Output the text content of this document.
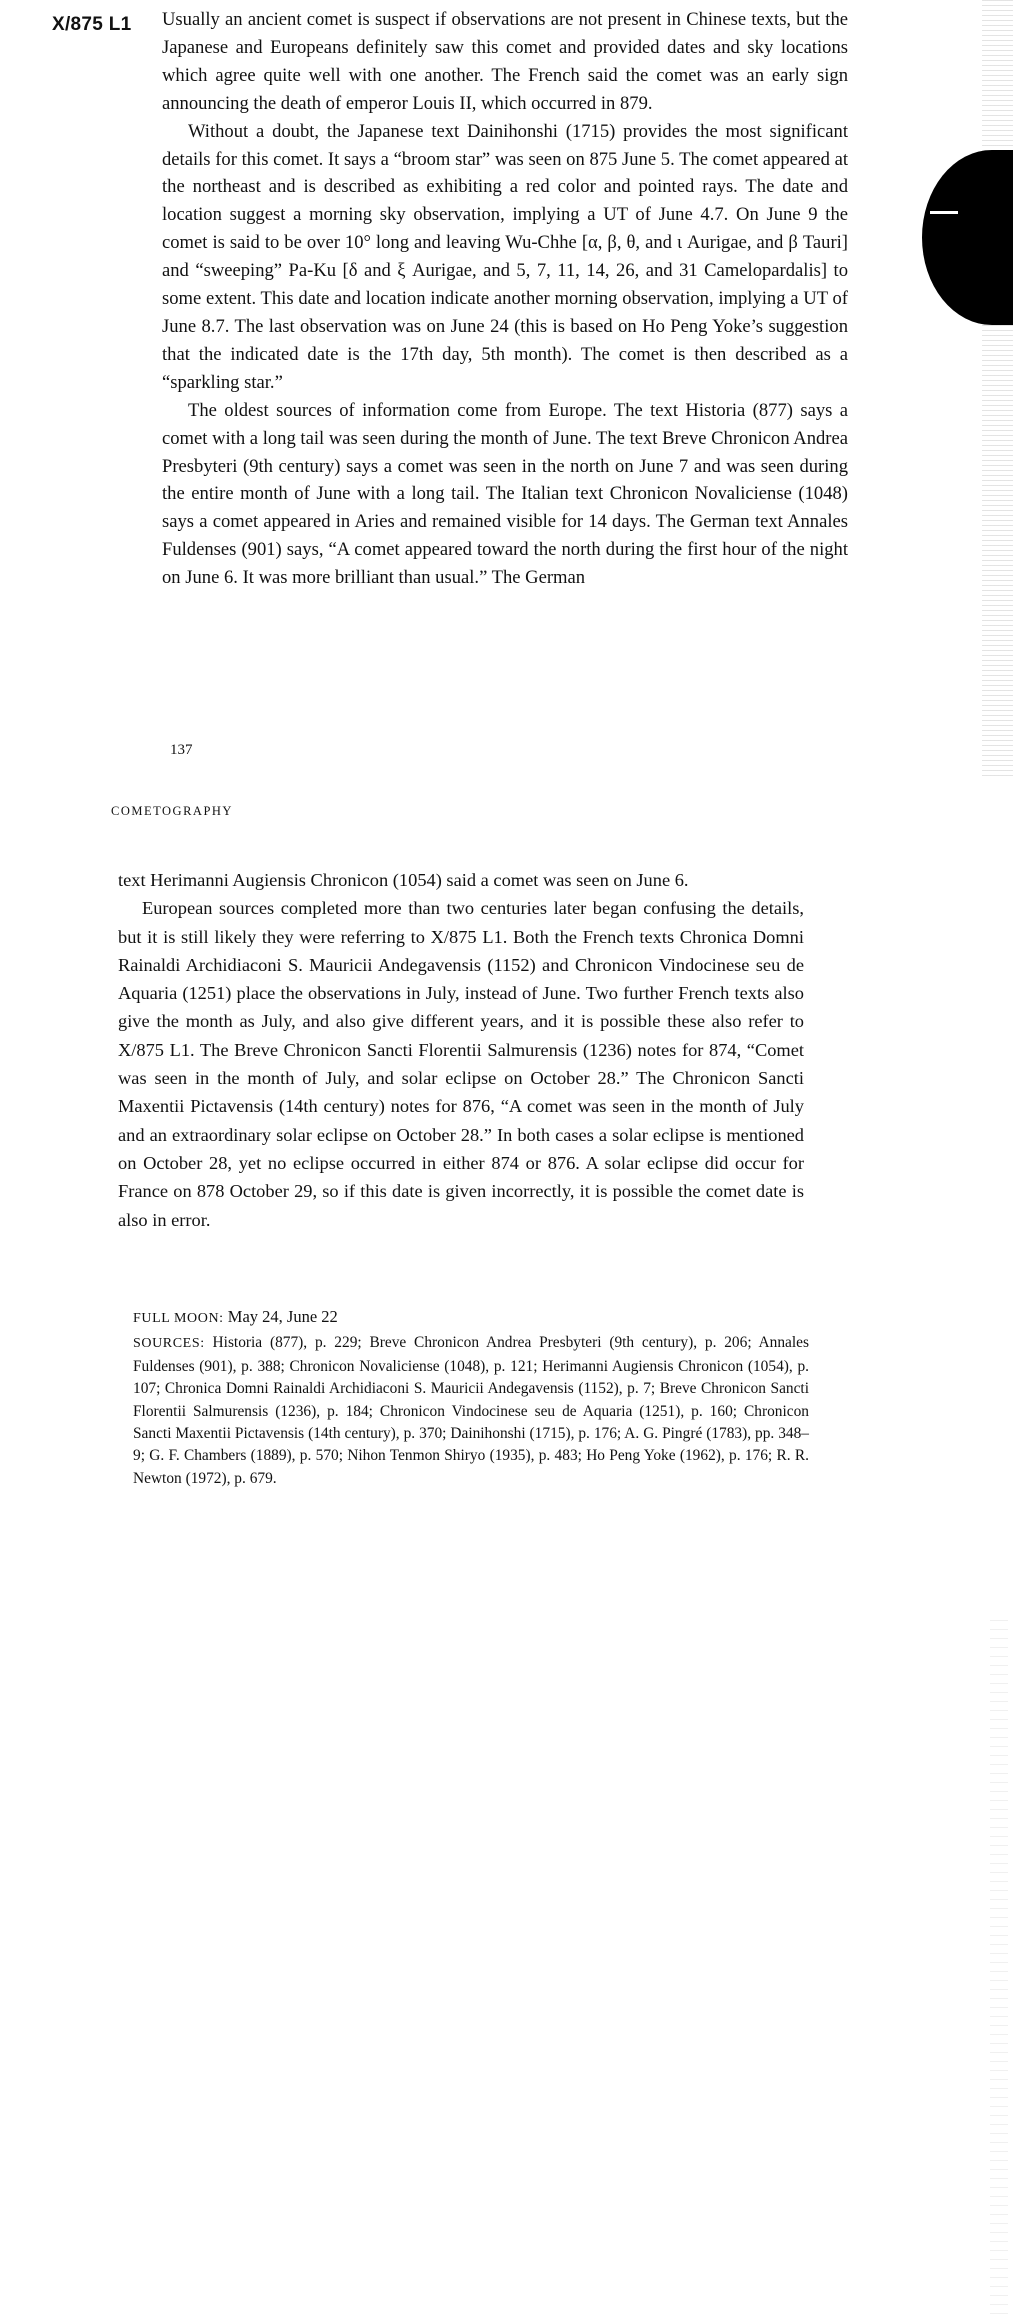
X/875 L1 Usually an ancient comet is suspect if observations are not present in Chinese texts, but the Japanese and Europeans definitely saw this comet and provided dates and sky locations which agree quite well with one another. The French said the comet was an early sign announcing the death of emperor Louis II, which occurred in 879.

Without a doubt, the Japanese text Dainihonshi (1715) provides the most significant details for this comet. It says a “broom star” was seen on 875 June 5. The comet appeared at the northeast and is described as exhibiting a red color and pointed rays. The date and location suggest a morning sky observation, implying a UT of June 4.7. On June 9 the comet is said to be over 10° long and leaving Wu-Chhe [α, β, θ, and ι Aurigae, and β Tauri] and “sweeping” Pa-Ku [δ and ξ Aurigae, and 5, 7, 11, 14, 26, and 31 Camelopardalis] to some extent. This date and location indicate another morning observation, implying a UT of June 8.7. The last observation was on June 24 (this is based on Ho Peng Yoke’s suggestion that the indicated date is the 17th day, 5th month). The comet is then described as a “sparkling star.”

The oldest sources of information come from Europe. The text Historia (877) says a comet with a long tail was seen during the month of June. The text Breve Chronicon Andrea Presbyteri (9th century) says a comet was seen in the north on June 7 and was seen during the entire month of June with a long tail. The Italian text Chronicon Novaliciense (1048) says a comet appeared in Aries and remained visible for 14 days. The German text Annales Fuldenses (901) says, “A comet appeared toward the north during the first hour of the night on June 6. It was more brilliant than usual.” The German

137
COMETOGRAPHY

text Herimanni Augiensis Chronicon (1054) said a comet was seen on June 6.

European sources completed more than two centuries later began confusing the details, but it is still likely they were referring to X/875 L1. Both the French texts Chronica Domni Rainaldi Archidiaconi S. Mauricii Andegavensis (1152) and Chronicon Vindocinese seu de Aquaria (1251) place the observations in July, instead of June. Two further French texts also give the month as July, and also give different years, and it is possible these also refer to X/875 L1. The Breve Chronicon Sancti Florentii Salmurensis (1236) notes for 874, “Comet was seen in the month of July, and solar eclipse on October 28.” The Chronicon Sancti Maxentii Pictavensis (14th century) notes for 876, “A comet was seen in the month of July and an extraordinary solar eclipse on October 28.” In both cases a solar eclipse is mentioned on October 28, yet no eclipse occurred in either 874 or 876. A solar eclipse did occur for France on 878 October 29, so if this date is given incorrectly, it is possible the comet date is also in error.

FULL MOON: May 24, June 22

SOURCES: Historia (877), p. 229; Breve Chronicon Andrea Presbyteri (9th century), p. 206; Annales Fuldenses (901), p. 388; Chronicon Novaliciense (1048), p. 121; Herimanni Augiensis Chronicon (1054), p. 107; Chronica Domni Rainaldi Archidiaconi S. Mauricii Andegavensis (1152), p. 7; Breve Chronicon Sancti Florentii Salmurensis (1236), p. 184; Chronicon Vindocinese seu de Aquaria (1251), p. 160; Chronicon Sancti Maxentii Pictavensis (14th century), p. 370; Dainihonshi (1715), p. 176; A. G. Pingré (1783), pp. 348–9; G. F. Chambers (1889), p. 570; Nihon Tenmon Shiryo (1935), p. 483; Ho Peng Yoke (1962), p. 176; R. R. Newton (1972), p. 679.
